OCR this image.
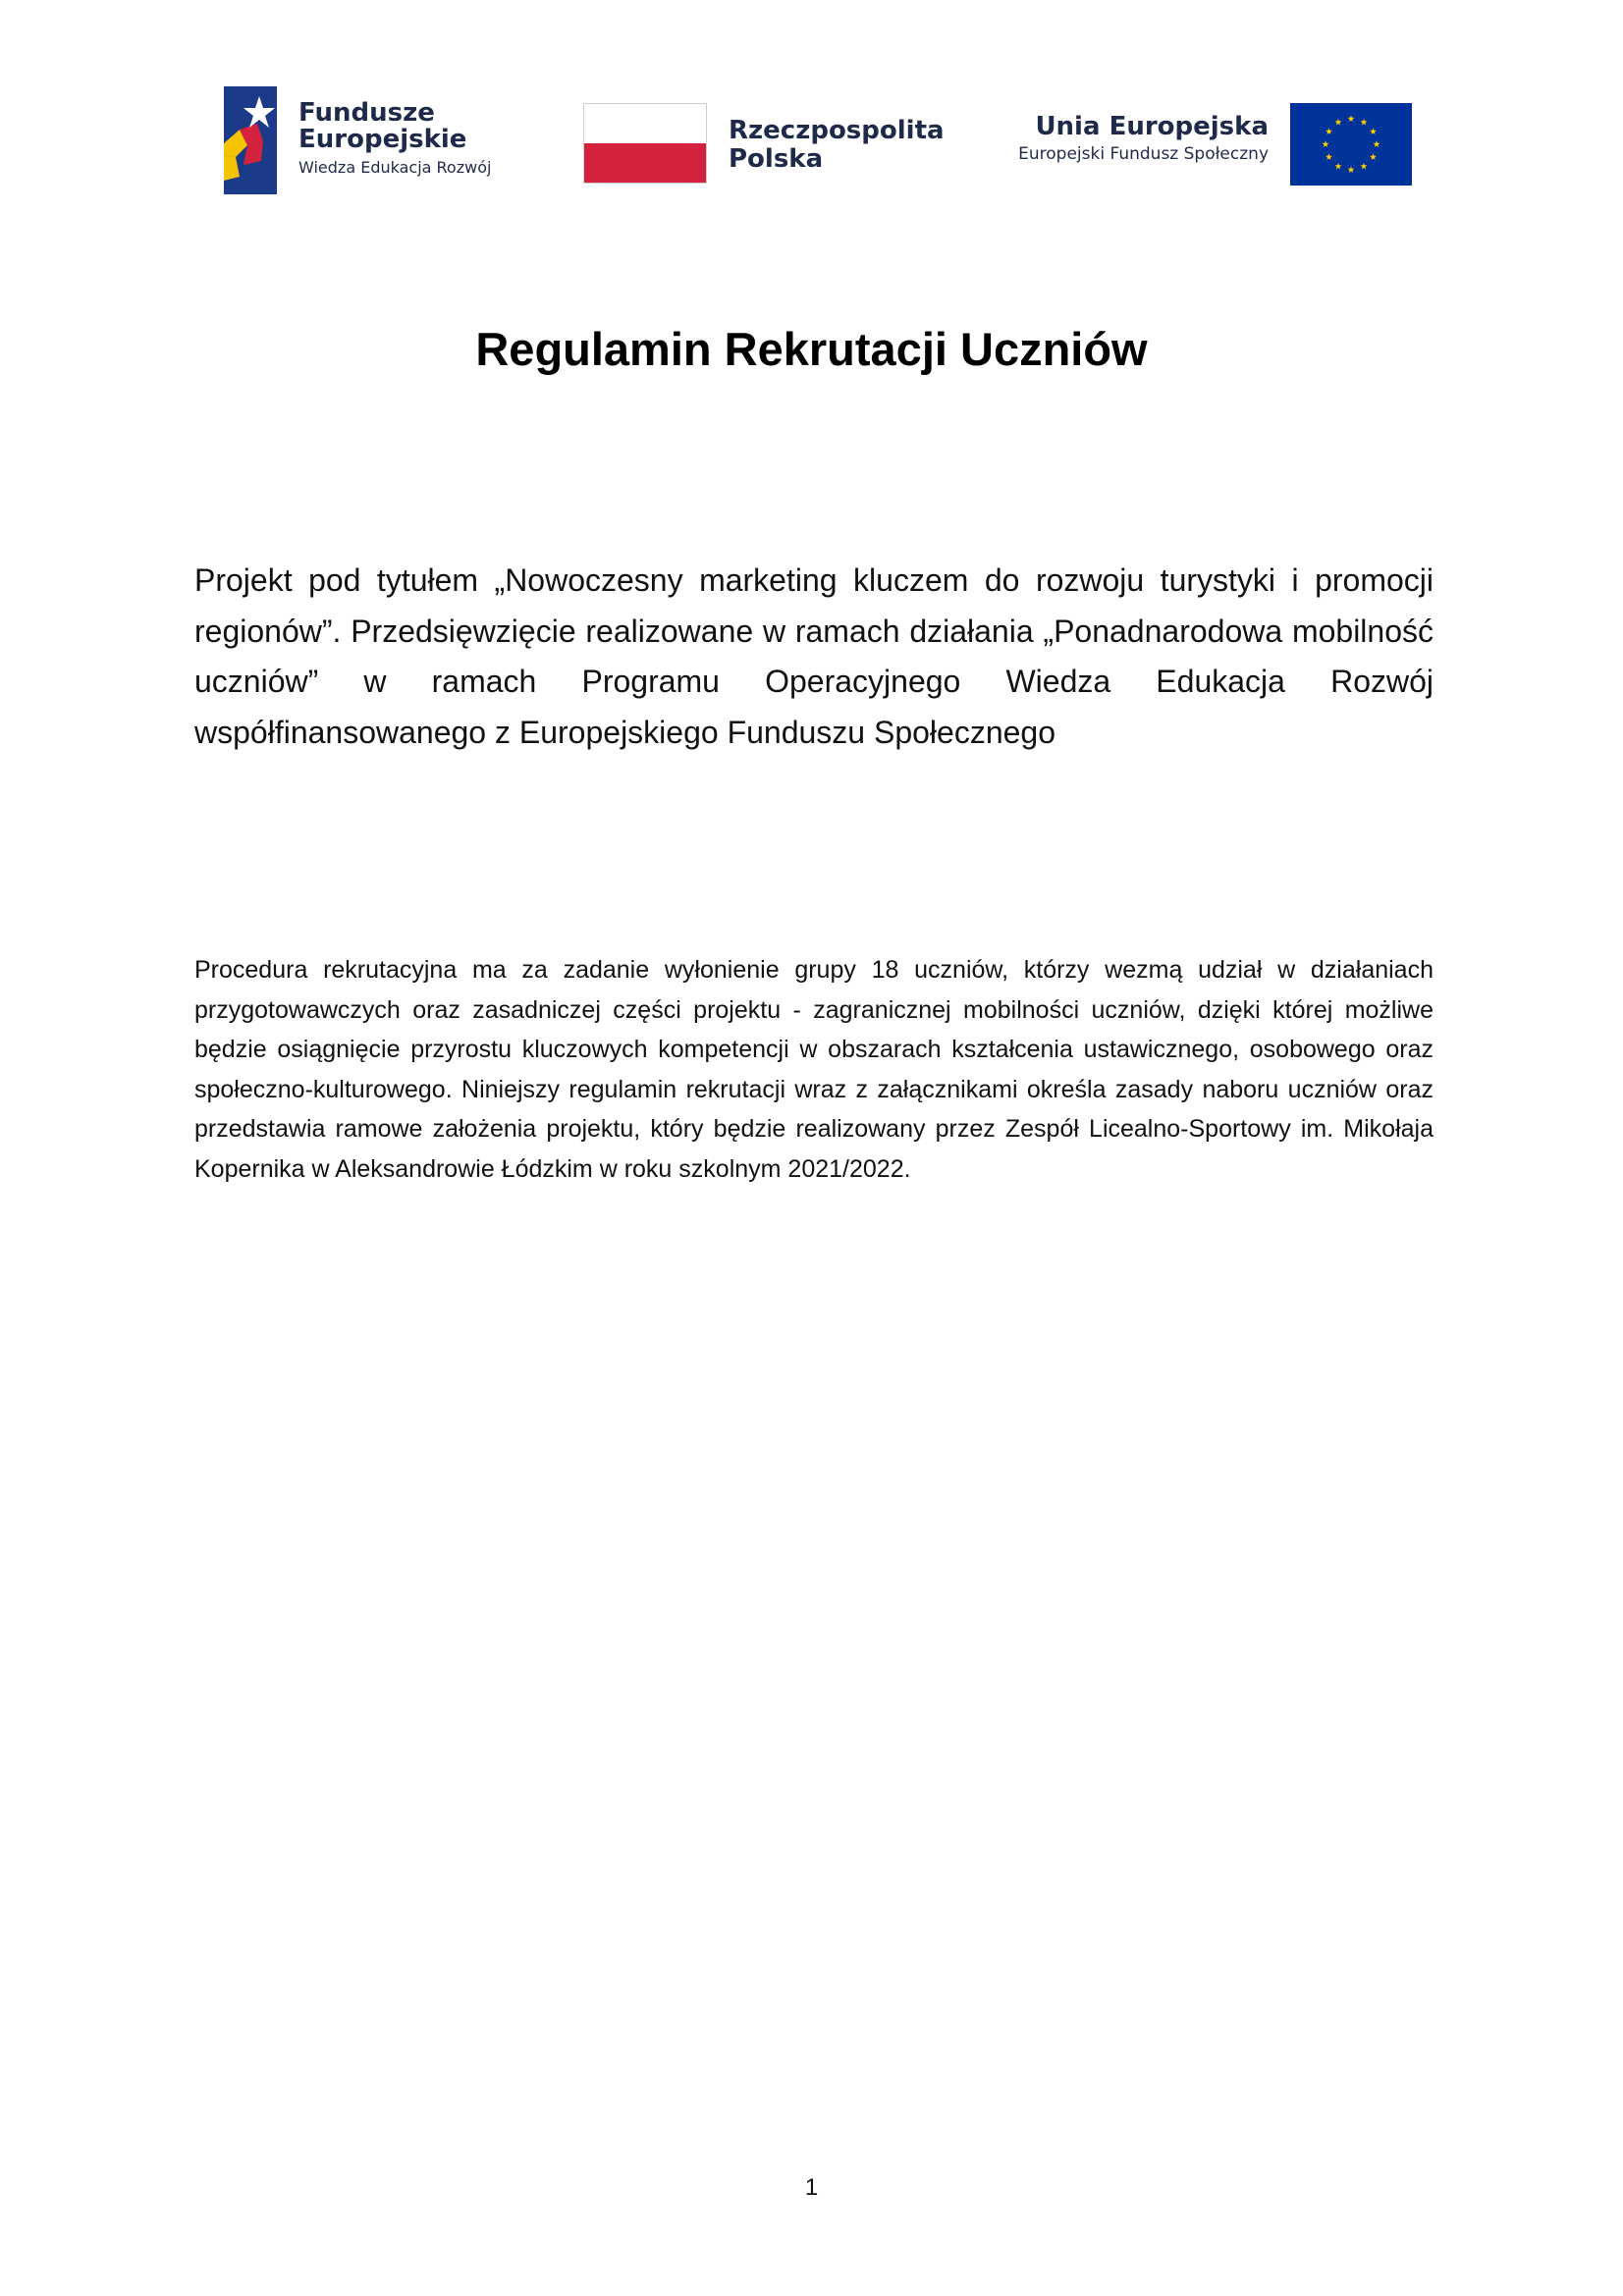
Fundusze
Europejskie
Wiedza Edukacja Rozwój
Rzeczpospolita
Polska
Unia Europejska
Europejski Fundusz Społeczny
Regulamin Rekrutacji Uczniów

Projekt pod tytułem „Nowoczesny marketing kluczem do rozwoju turystyki i promocji regionów”. Przedsięwzięcie realizowane w ramach działania „Ponadnarodowa mobilność uczniów” w ramach Programu Operacyjnego Wiedza Edukacja Rozwój współfinansowanego z Europejskiego Funduszu Społecznego

Procedura rekrutacyjna ma za zadanie wyłonienie grupy 18 uczniów, którzy wezmą udział w działaniach przygotowawczych oraz zasadniczej części projektu - zagranicznej mobilności uczniów, dzięki której możliwe będzie osiągnięcie przyrostu kluczowych kompetencji w obszarach kształcenia ustawicznego, osobowego oraz społeczno-kulturowego. Niniejszy regulamin rekrutacji wraz z załącznikami określa zasady naboru uczniów oraz przedstawia ramowe założenia projektu, który będzie realizowany przez Zespół Licealno-Sportowy im. Mikołaja Kopernika w Aleksandrowie Łódzkim w roku szkolnym 2021/2022.

1
